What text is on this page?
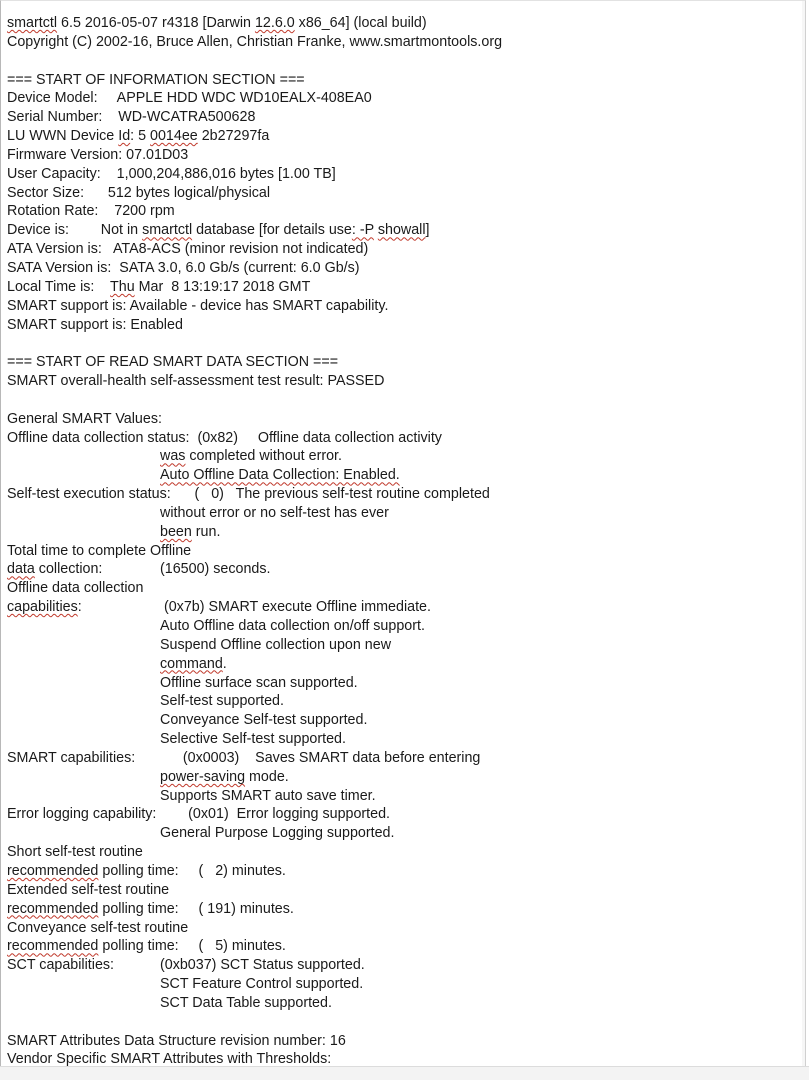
smartctl 6.5 2016-05-07 r4318 [Darwin 12.6.0 x86_64] (local build)
Copyright (C) 2002-16, Bruce Allen, Christian Franke, www.smartmontools.org
=== START OF INFORMATION SECTION ===
Device Model:     APPLE HDD WDC WD10EALX-408EA0
Serial Number:    WD-WCATRA500628
LU WWN Device Id: 5 0014ee 2b27297fa
Firmware Version: 07.01D03
User Capacity:    1,000,204,886,016 bytes [1.00 TB]
Sector Size:      512 bytes logical/physical
Rotation Rate:    7200 rpm
Device is:        Not in smartctl database [for details use: -P showall]
ATA Version is:   ATA8-ACS (minor revision not indicated)
SATA Version is:  SATA 3.0, 6.0 Gb/s (current: 6.0 Gb/s)
Local Time is:    Thu Mar  8 13:19:17 2018 GMT
SMART support is: Available - device has SMART capability.
SMART support is: Enabled
=== START OF READ SMART DATA SECTION ===
SMART overall-health self-assessment test result: PASSED
General SMART Values:
Offline data collection status:  (0x82)     Offline data collection activity
was completed without error.
Auto Offline Data Collection: Enabled.
Self-test execution status:      (   0)   The previous self-test routine completed
without error or no self-test has ever
been run.
Total time to complete Offline
data collection:	(16500) seconds.
Offline data collection
capabilities:	(0x7b) SMART execute Offline immediate.
Auto Offline data collection on/off support.
Suspend Offline collection upon new
command.
Offline surface scan supported.
Self-test supported.
Conveyance Self-test supported.
Selective Self-test supported.
SMART capabilities:            (0x0003)    Saves SMART data before entering
power-saving mode.
Supports SMART auto save timer.
Error logging capability:        (0x01)  Error logging supported.
General Purpose Logging supported.
Short self-test routine
recommended polling time:     (   2) minutes.
Extended self-test routine
recommended polling time:     ( 191) minutes.
Conveyance self-test routine
recommended polling time:     (   5) minutes.
SCT capabilities:	(0xb037) SCT Status supported.
SCT Feature Control supported.
SCT Data Table supported.
SMART Attributes Data Structure revision number: 16
Vendor Specific SMART Attributes with Thresholds:
